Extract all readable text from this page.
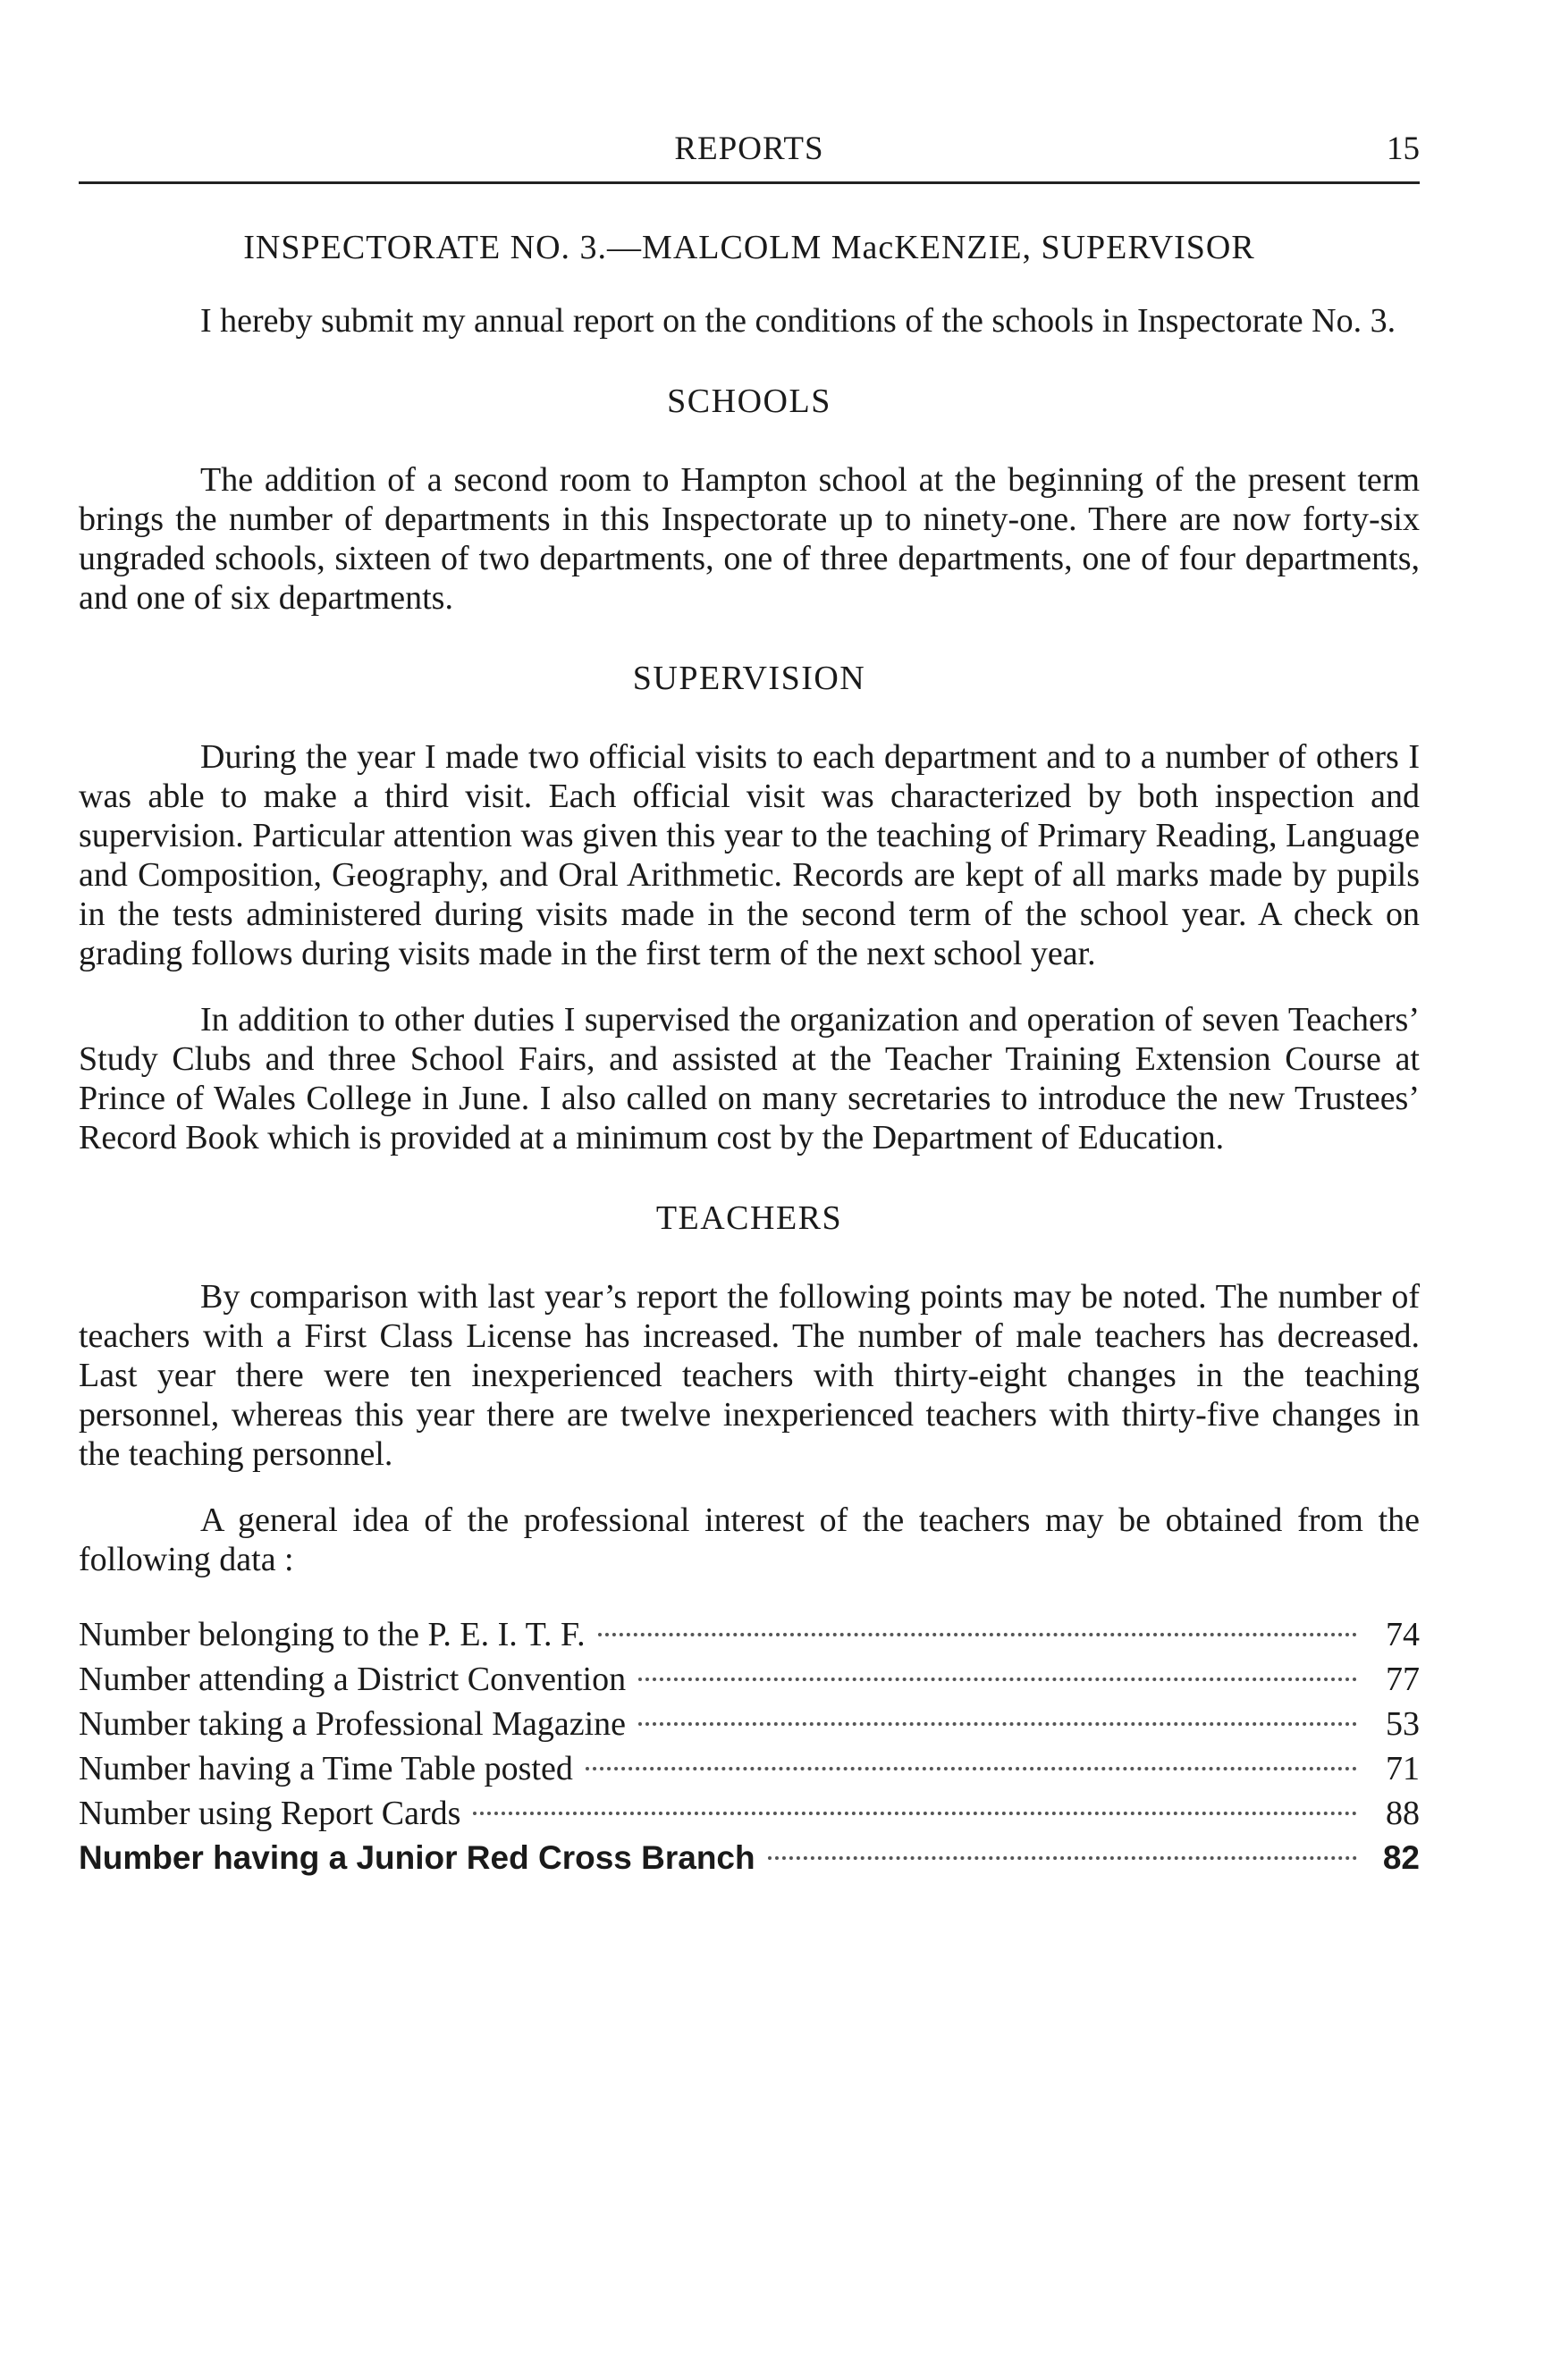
REPORTS	15
INSPECTORATE NO. 3.—MALCOLM MacKENZIE, SUPERVISOR

I hereby submit my annual report on the conditions of the schools in Inspectorate No. 3.

SCHOOLS

The addition of a second room to Hampton school at the beginning of the present term brings the number of departments in this Inspectorate up to ninety-one. There are now forty-six ungraded schools, sixteen of two departments, one of three departments, one of four departments, and one of six departments.

SUPERVISION

During the year I made two official visits to each department and to a number of others I was able to make a third visit. Each official visit was characterized by both inspection and supervision. Particular attention was given this year to the teaching of Primary Reading, Language and Composition, Geography, and Oral Arithmetic. Records are kept of all marks made by pupils in the tests administered during visits made in the second term of the school year. A check on grading follows during visits made in the first term of the next school year.

In addition to other duties I supervised the organization and operation of seven Teachers’ Study Clubs and three School Fairs, and assisted at the Teacher Training Extension Course at Prince of Wales College in June. I also called on many secretaries to introduce the new Trustees’ Record Book which is provided at a minimum cost by the Department of Education.

TEACHERS

By comparison with last year’s report the following points may be noted. The number of teachers with a First Class License has increased. The number of male teachers has decreased. Last year there were ten inexperienced teachers with thirty-eight changes in the teaching personnel, whereas this year there are twelve inexperienced teachers with thirty-five changes in the teaching personnel.

A general idea of the professional interest of the teachers may be obtained from the following data :

Number belonging to the P. E. I. T. F.	74
Number attending a District Convention	77
Number taking a Professional Magazine	53
Number having a Time Table posted	71
Number using Report Cards	88
Number having a Junior Red Cross Branch	82
